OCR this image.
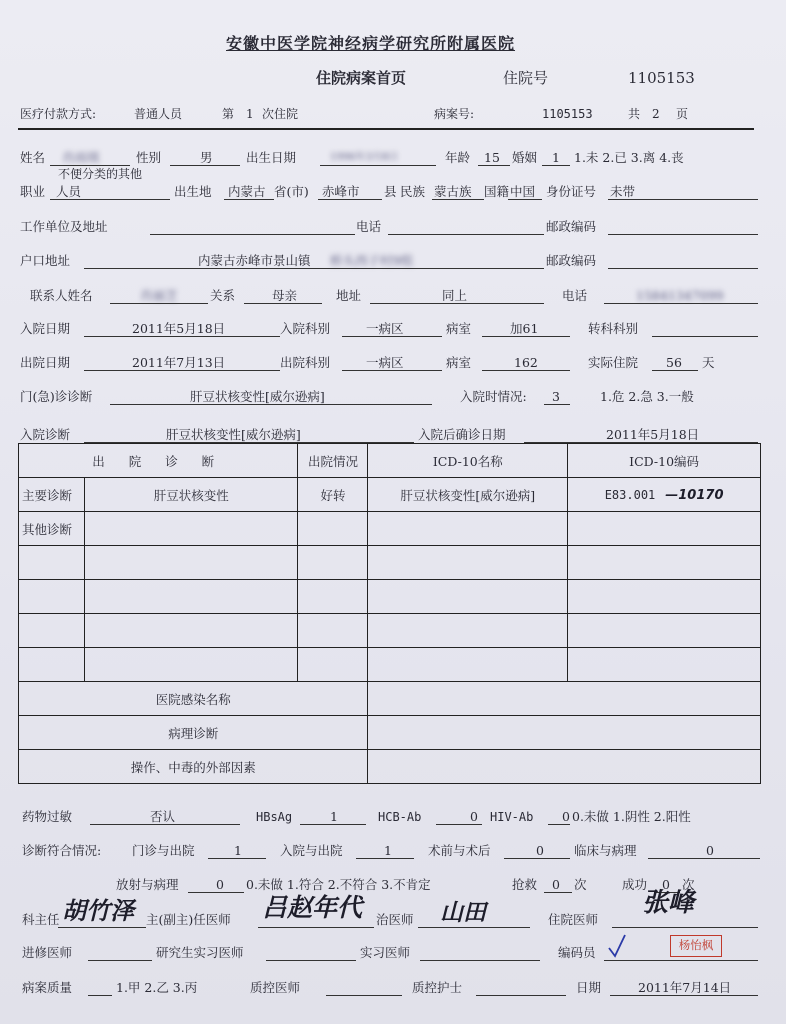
安徽中医学院神经病学研究所附属医院
住院病案首页	住院号	1105153
医疗付款方式:	普通人员	第 1 次住院	病案号:	1105153	共 2 页
姓名 肖雨琪	性别	男	出生日期	1996年3月8日	年龄 15 婚姻 1 1.未 2.已 3.离 4.丧
不便分类的其他
职业 人员	出生地 内蒙古 省(市) 赤峰市 县 民族 蒙古族 国籍 中国 身份证号 未带
工作单位及地址	电话	邮政编码
户口地址	内蒙古赤峰市景山镇 桥头西子村9组	邮政编码
联系人姓名	肖丽芝	关系	母亲	地址	同上	电话	15841347099
入院日期	2011年5月18日	入院科别	一病区	病室	加61	转科科别
出院日期	2011年7月13日	出院科别	一病区	病室	162	实际住院 56 天
门(急)诊诊断	肝豆状核变性[威尔逊病]	入院时情况: 3	1.危 2.急 3.一般
入院诊断	肝豆状核变性[威尔逊病]	入院后确诊日期	2011年5月18日
出 院 诊 断		出院情况	ICD-10名称	ICD-10编码
主要诊断	肝豆状核变性	好转	肝豆状核变性[威尔逊病]	E83.001 —10170
其他诊断				

医院感染名称				
病理诊断				
操作、中毒的外部因素				
药物过敏	否认	HBsAg	1	HCB-Ab	0 HIV-Ab 0 0.未做 1.阴性 2.阳性
诊断符合情况: 门诊与出院	1	入院与出院	1	术前与术后	0 临床与病理	0
放射与病理	0 0.未做 1.符合 2.不符合 3.不肯定	抢救 0 次	成功 0 次
科主任 胡竹泽 主(副主)任医师 吕赵年代 治医师 山田	住院医师
张峰
杨怡枫
进修医师	研究生实习医师	实习医师	编码员
病案质量	1.甲 2.乙 3.丙	质控医师	质控护士	日期	2011年7月14日
